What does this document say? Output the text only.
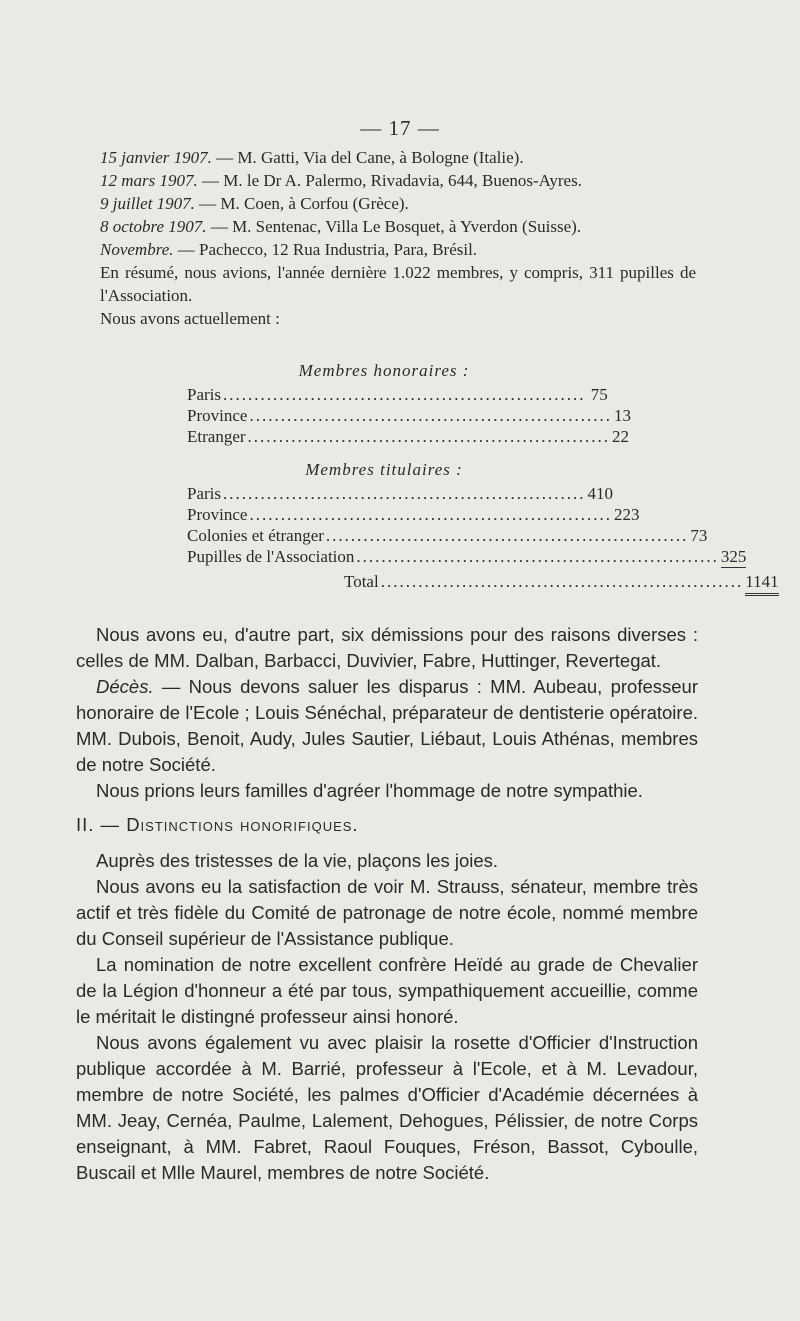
— 17 —

15 janvier 1907. — M. Gatti, Via del Cane, à Bologne (Italie).

12 mars 1907. — M. le Dr A. Palermo, Rivadavia, 644, Buenos-Ayres.

9 juillet 1907. — M. Coen, à Corfou (Grèce).

8 octobre 1907. — M. Sentenac, Villa Le Bosquet, à Yverdon (Suisse).

Novembre. — Pachecco, 12 Rua Industria, Para, Brésil.

En résumé, nous avions, l'année dernière 1.022 membres, y compris, 311 pupilles de l'Association.

Nous avons actuellement :

Membres honoraires :
Paris .......................................................... 75
Province .......................................................... 13
Etranger .......................................................... 22
Membres titulaires :
Paris .......................................................... 410
Province .......................................................... 223
Colonies et étranger .......................................................... 73
Pupilles de l'Association .......................................................... 325
Total .......................................................... 1141

Nous avons eu, d'autre part, six démissions pour des raisons diverses : celles de MM. Dalban, Barbacci, Duvivier, Fabre, Huttinger, Revertegat.

Décès. — Nous devons saluer les disparus : MM. Aubeau, professeur honoraire de l'Ecole ; Louis Sénéchal, préparateur de dentisterie opératoire. MM. Dubois, Benoit, Audy, Jules Sautier, Liébaut, Louis Athénas, membres de notre Société.

Nous prions leurs familles d'agréer l'hommage de notre sympathie.

II. — Distinctions honorifiques.

Auprès des tristesses de la vie, plaçons les joies.

Nous avons eu la satisfaction de voir M. Strauss, sénateur, membre très actif et très fidèle du Comité de patronage de notre école, nommé membre du Conseil supérieur de l'Assistance publique.

La nomination de notre excellent confrère Heïdé au grade de Chevalier de la Légion d'honneur a été par tous, sympathiquement accueillie, comme le méritait le distingné professeur ainsi honoré.

Nous avons également vu avec plaisir la rosette d'Officier d'Instruction publique accordée à M. Barrié, professeur à l'Ecole, et à M. Levadour, membre de notre Société, les palmes d'Officier d'Académie décernées à MM. Jeay, Cernéa, Paulme, Lalement, Dehogues, Pélissier, de notre Corps enseignant, à MM. Fabret, Raoul Fouques, Fréson, Bassot, Cyboulle, Buscail et Mlle Maurel, membres de notre Société.
